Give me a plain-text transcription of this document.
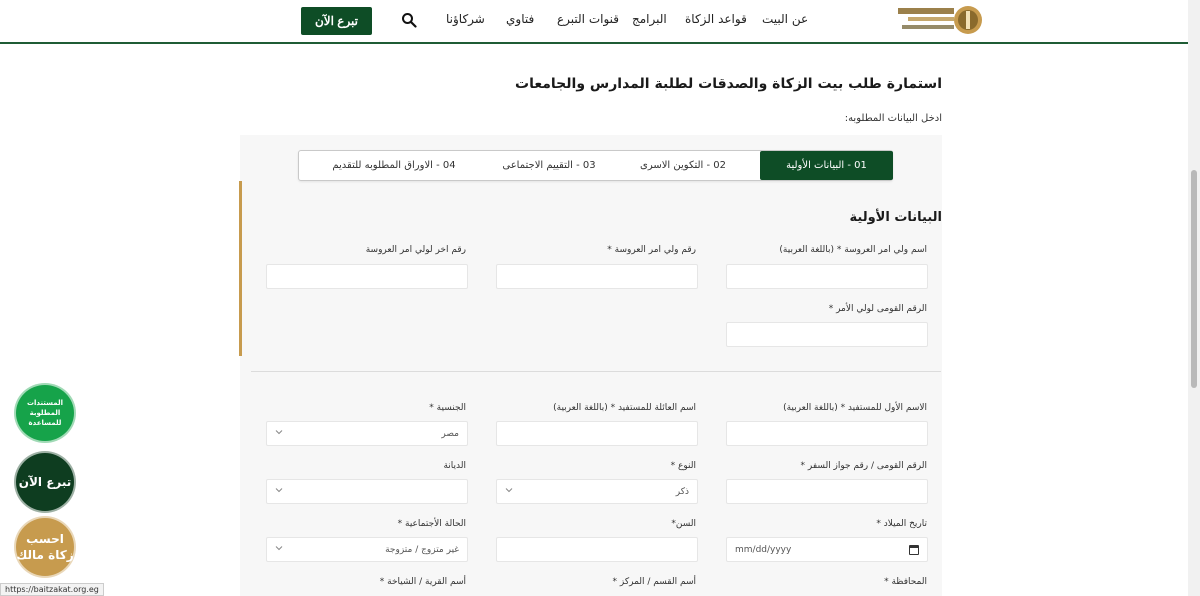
عن البيت
قواعد الزكاة
البرامج
قنوات التبرع
فتاوي
شركاؤنا
تبرع الآن
استمارة طلب بيت الزكاة والصدقات لطلبة المدارس والجامعات
ادخل البيانات المطلوبه:
01 - البيانات الأولية
02 - التكوين الاسرى
03 - التقييم الاجتماعى
04 - الاوراق المطلوبه للتقديم
البيانات الأولية
اسم ولي امر العروسة * (باللغة العربية)
رقم ولي امر العروسة *
رقم اخر لولي امر العروسة
الرقم القومى لولي الأمر *
الاسم الأول للمستفيد * (باللغة العربية)
اسم العائلة للمستفيد * (باللغة العربية)
الجنسية *
مصر
الرقم القومى / رقم جواز السفر *
النوع *
ذكر
الديانة
تاريخ الميلاد *
mm/dd/yyyy
السن*
الحالة الأجتماعية *
غير متزوج / متزوجة
المحافظة *
أسم القسم / المركز *
أسم القرية / الشياخة *
المستندات المطلوبة للمساعدة
تبرع الآن
احسب
زكاة مالك
https://baitzakat.org.eg
